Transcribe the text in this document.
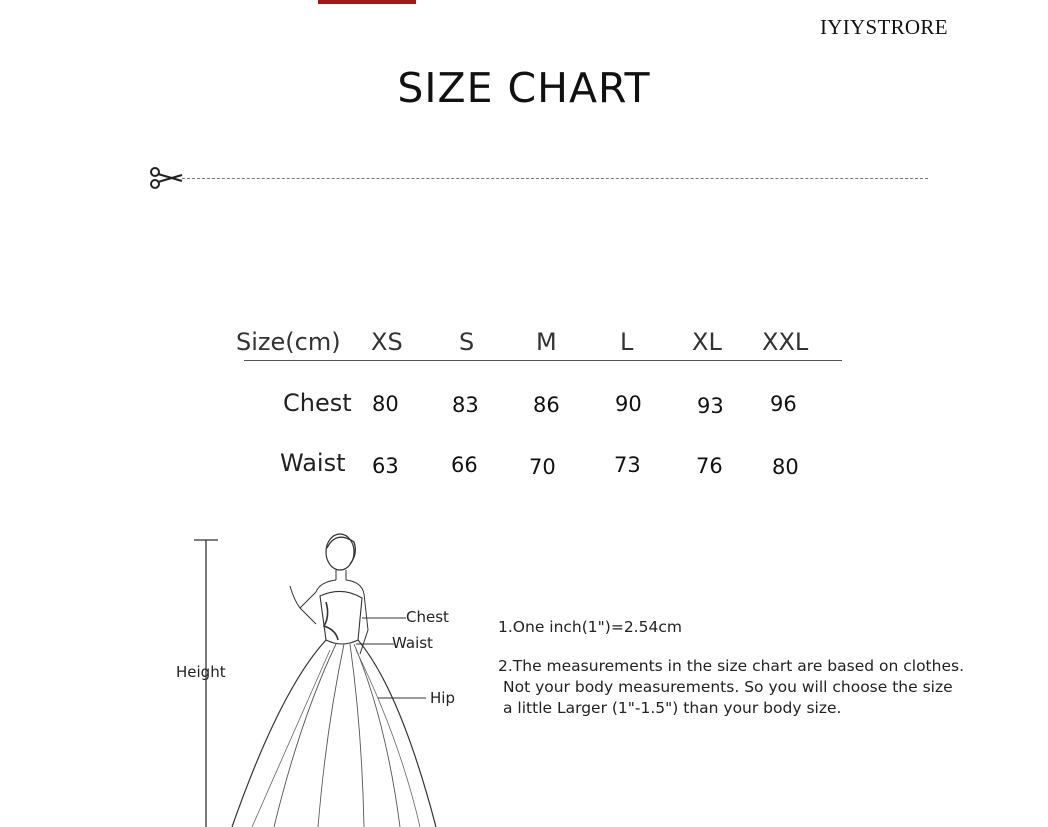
IYIYSTRORE
SIZE CHART
Size(cm) XS S	M	L XL XXL
Chest 80	83	86	90	93 96
Waist 63 66 70	73	76 80
Height
Chest
Waist
Hip
1.One inch(1")=2.54cm
2.The measurements in the size chart are based on clothes.
Not your body measurements. So you will choose the size
a little Larger (1"-1.5") than your body size.
